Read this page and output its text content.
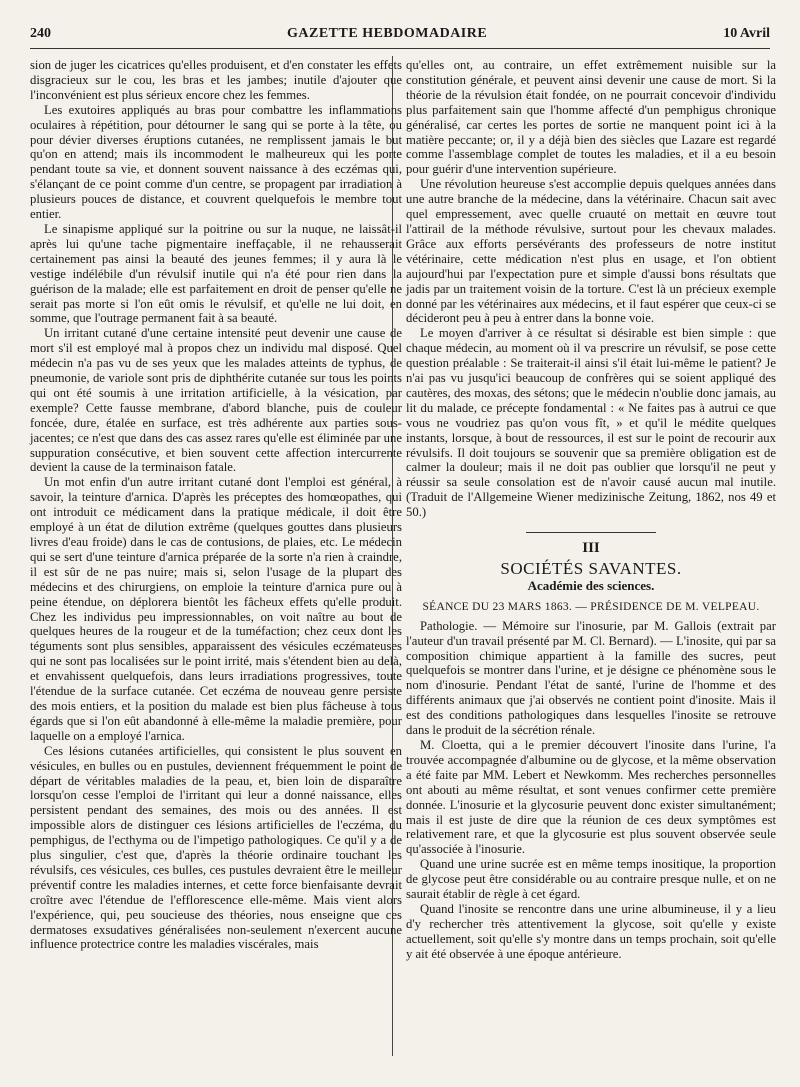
240	GAZETTE HEBDOMADAIRE	10 Avril

sion de juger les cicatrices qu'elles produisent, et d'en constater les effets disgracieux sur le cou, les bras et les jambes; inutile d'ajouter que l'inconvénient est plus sérieux encore chez les femmes.

Les exutoires appliqués au bras pour combattre les inflammations oculaires à répétition, pour détourner le sang qui se porte à la tête, ou pour dévier diverses éruptions cutanées, ne remplissent jamais le but qu'on en attend; mais ils incommodent le malheureux qui les porte pendant toute sa vie, et donnent souvent naissance à des eczémas qui, s'élançant de ce point comme d'un centre, se propagent par irradiation à plusieurs pouces de distance, et couvrent quelquefois le membre tout entier.

Le sinapisme appliqué sur la poitrine ou sur la nuque, ne laissât-il après lui qu'une tache pigmentaire ineffaçable, il ne rehausserait certainement pas ainsi la beauté des jeunes femmes; il y aura là le vestige indélébile d'un révulsif inutile qui n'a été pour rien dans la guérison de la malade; elle est parfaitement en droit de penser qu'elle ne serait pas morte si l'on eût omis le révulsif, et qu'elle ne lui doit, en somme, que l'outrage permanent fait à sa beauté.

Un irritant cutané d'une certaine intensité peut devenir une cause de mort s'il est employé mal à propos chez un individu mal disposé. Quel médecin n'a pas vu de ses yeux que les malades atteints de typhus, de pneumonie, de variole sont pris de diphthérite cutanée sur tous les points qui ont été soumis à une irritation artificielle, à la vésication, par exemple? Cette fausse membrane, d'abord blanche, puis de couleur foncée, dure, étalée en surface, est très adhérente aux parties sous-jacentes; ce n'est que dans des cas assez rares qu'elle est éliminée par une suppuration consécutive, et bien souvent cette affection intercurrente devient la cause de la terminaison fatale.

Un mot enfin d'un autre irritant cutané dont l'emploi est général, à savoir, la teinture d'arnica. D'après les préceptes des homœopathes, qui ont introduit ce médicament dans la pratique médicale, il doit être employé à un état de dilution extrême (quelques gouttes dans plusieurs livres d'eau froide) dans le cas de contusions, de plaies, etc. Le médecin qui se sert d'une teinture d'arnica préparée de la sorte n'a rien à craindre, il est sûr de ne pas nuire; mais si, selon l'usage de la plupart des médecins et des chirurgiens, on emploie la teinture d'arnica pure ou à peine étendue, on déplorera bientôt les fâcheux effets qu'elle produit. Chez les individus peu impressionnables, on voit naître au bout de quelques heures de la rougeur et de la tuméfaction; chez ceux dont les téguments sont plus sensibles, apparaissent des vésicules eczémateuses qui ne sont pas localisées sur le point irrité, mais s'étendent bien au delà, et envahissent quelquefois, dans leurs irradiations progressives, toute l'étendue de la surface cutanée. Cet eczéma de nouveau genre persiste des mois entiers, et la position du malade est bien plus fâcheuse à tous égards que si l'on eût abandonné à elle-même la maladie première, pour laquelle on a employé l'arnica.

Ces lésions cutanées artificielles, qui consistent le plus souvent en vésicules, en bulles ou en pustules, deviennent fréquemment le point de départ de véritables maladies de la peau, et, bien loin de disparaître lorsqu'on cesse l'emploi de l'irritant qui leur a donné naissance, elles persistent pendant des semaines, des mois ou des années. Il est impossible alors de distinguer ces lésions artificielles de l'eczéma, du pemphigus, de l'ecthyma ou de l'impetigo pathologiques. Ce qu'il y a de plus singulier, c'est que, d'après la théorie ordinaire touchant les révulsifs, ces vésicules, ces bulles, ces pustules devraient être le meilleur préventif contre les maladies internes, et cette force bienfaisante devrait croître avec l'étendue de l'efflorescence elle-même. Mais vient alors l'expérience, qui, peu soucieuse des théories, nous enseigne que ces dermatoses exsudatives généralisées non-seulement n'exercent aucune influence protectrice contre les maladies viscérales, mais

qu'elles ont, au contraire, un effet extrêmement nuisible sur la constitution générale, et peuvent ainsi devenir une cause de mort. Si la théorie de la révulsion était fondée, on ne pourrait concevoir d'individu plus parfaitement sain que l'homme affecté d'un pemphigus chronique généralisé, car certes les portes de sortie ne manquent point ici à la matière peccante; or, il y a déjà bien des siècles que Lazare est regardé comme l'assemblage complet de toutes les maladies, et il a eu besoin pour guérir d'une intervention supérieure.

Une révolution heureuse s'est accomplie depuis quelques années dans une autre branche de la médecine, dans la vétérinaire. Chacun sait avec quel empressement, avec quelle cruauté on mettait en œuvre tout l'attirail de la méthode révulsive, surtout pour les chevaux malades. Grâce aux efforts persévérants des professeurs de notre institut vétérinaire, cette médication n'est plus en usage, et l'on obtient aujourd'hui par l'expectation pure et simple d'aussi bons résultats que jadis par un traitement voisin de la torture. C'est là un précieux exemple donné par les vétérinaires aux médecins, et il faut espérer que ceux-ci se décideront peu à peu à entrer dans la bonne voie.

Le moyen d'arriver à ce résultat si désirable est bien simple : que chaque médecin, au moment où il va prescrire un révulsif, se pose cette question préalable : Se traiterait-il ainsi s'il était lui-même le patient? Je n'ai pas vu jusqu'ici beaucoup de confrères qui se soient appliqué des cautères, des moxas, des sétons; que le médecin n'oublie donc jamais, au lit du malade, ce précepte fondamental : « Ne faites pas à autrui ce que vous ne voudriez pas qu'on vous fît, » et qu'il le médite quelques instants, lorsque, à bout de ressources, il est sur le point de recourir aux révulsifs. Il doit toujours se souvenir que sa première obligation est de calmer la douleur; mais il ne doit pas oublier que lorsqu'il ne peut y réussir sa seule consolation est de n'avoir causé aucun mal inutile. (Traduit de l'Allgemeine Wiener medizinische Zeitung, 1862, nos 49 et 50.)

III
SOCIÉTÉS SAVANTES.
Académie des sciences.
SÉANCE DU 23 MARS 1863. — PRÉSIDENCE DE M. VELPEAU.

Pathologie. — Mémoire sur l'inosurie, par M. Gallois (extrait par l'auteur d'un travail présenté par M. Cl. Bernard). — L'inosite, qui par sa composition chimique appartient à la famille des sucres, peut quelquefois se montrer dans l'urine, et je désigne ce phénomène sous le nom d'inosurie. Pendant l'état de santé, l'urine de l'homme et des différents animaux que j'ai observés ne contient point d'inosite. Mais il est des conditions pathologiques dans lesquelles l'inosite se retrouve dans le produit de la sécrétion rénale.

M. Cloetta, qui a le premier découvert l'inosite dans l'urine, l'a trouvée accompagnée d'albumine ou de glycose, et la même observation a été faite par MM. Lebert et Newkomm. Mes recherches personnelles ont abouti au même résultat, et sont venues confirmer cette première donnée. L'inosurie et la glycosurie peuvent donc exister simultanément; mais il est juste de dire que la réunion de ces deux symptômes est relativement rare, et que la glycosurie est plus souvent observée seule qu'associée à l'inosurie.

Quand une urine sucrée est en même temps inositique, la proportion de glycose peut être considérable ou au contraire presque nulle, et on ne saurait établir de règle à cet égard.

Quand l'inosite se rencontre dans une urine albumineuse, il y a lieu d'y rechercher très attentivement la glycose, soit qu'elle y existe actuellement, soit qu'elle s'y montre dans un temps prochain, soit qu'elle y ait été observée à une époque antérieure.
